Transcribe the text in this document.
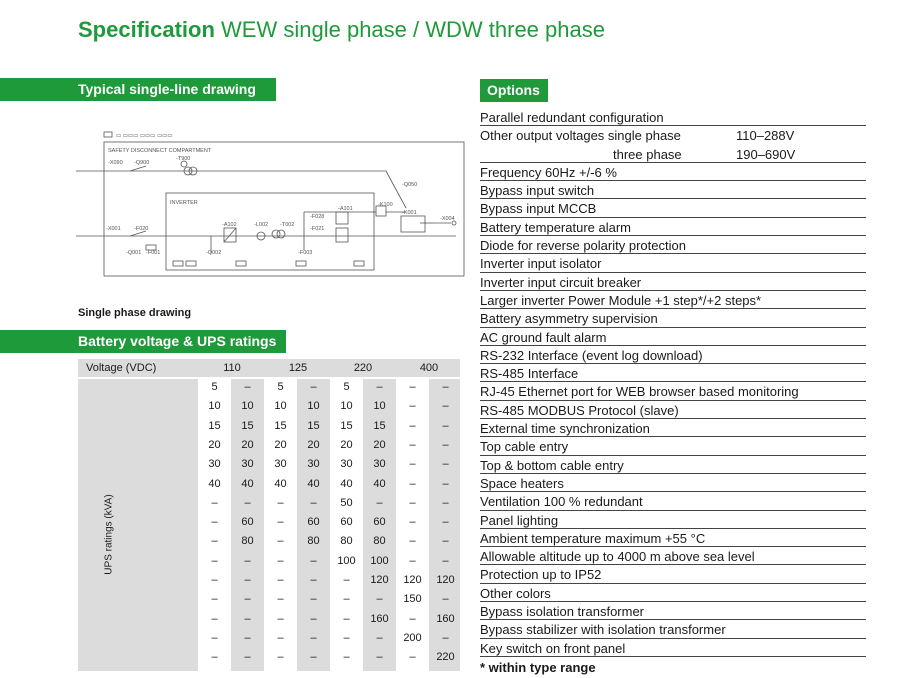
Specification WEW single phase / WDW three phase
Typical single-line drawing
▭ ▭▭▭ ▭▭▭ ▭▭▭
SAFETY DISCONNECT COMPARTMENT
INVERTER
-X090 -Q900
-T900
-X001 -F020
-Q001 -F001
-A102	-L002 -T002
-Q002
-F021
-F028
-A101
-F003
-Q050
-K100
-K001
-X004
Single phase drawing
Battery voltage & UPS ratings
Voltage (VDC)	110	125	220	400
UPS ratings (kVA)
5	–	5	–	5	–	–	–
10	10	10	10	10	10	–	–
15	15	15	15	15	15	–	–
20	20	20	20	20	20	–	–
30	30	30	30	30	30	–	–
40	40	40	40	40	40	–	–
–	–	–	–	50	–	–	–
–	60	–	60	60	60	–	–
–	80	–	80	80	80	–	–
–	–	–	–	100	100	–	–
–	–	–	–	–	120	120	120
–	–	–	–	–	–	150	–
–	–	–	–	–	160	–	160
–	–	–	–	–	–	200	–
–	–	–	–	–	–	–	220
Options
Parallel redundant configuration
Other output voltages single phase	110–288V
three phase	190–690V
Frequency 60Hz +/-6 %
Bypass input switch
Bypass input MCCB
Battery temperature alarm
Diode for reverse polarity protection
Inverter input isolator
Inverter input circuit breaker
Larger inverter Power Module +1 step*/+2 steps*
Battery asymmetry supervision
AC ground fault alarm
RS-232 Interface (event log download)
RS-485 Interface
RJ-45 Ethernet port for WEB browser based monitoring
RS-485 MODBUS Protocol (slave)
External time synchronization
Top cable entry
Top & bottom cable entry
Space heaters
Ventilation 100 % redundant
Panel lighting
Ambient temperature maximum +55 °C
Allowable altitude up to 4000 m above sea level
Protection up to IP52
Other colors
Bypass isolation transformer
Bypass stabilizer with isolation transformer
Key switch on front panel
* within type range
